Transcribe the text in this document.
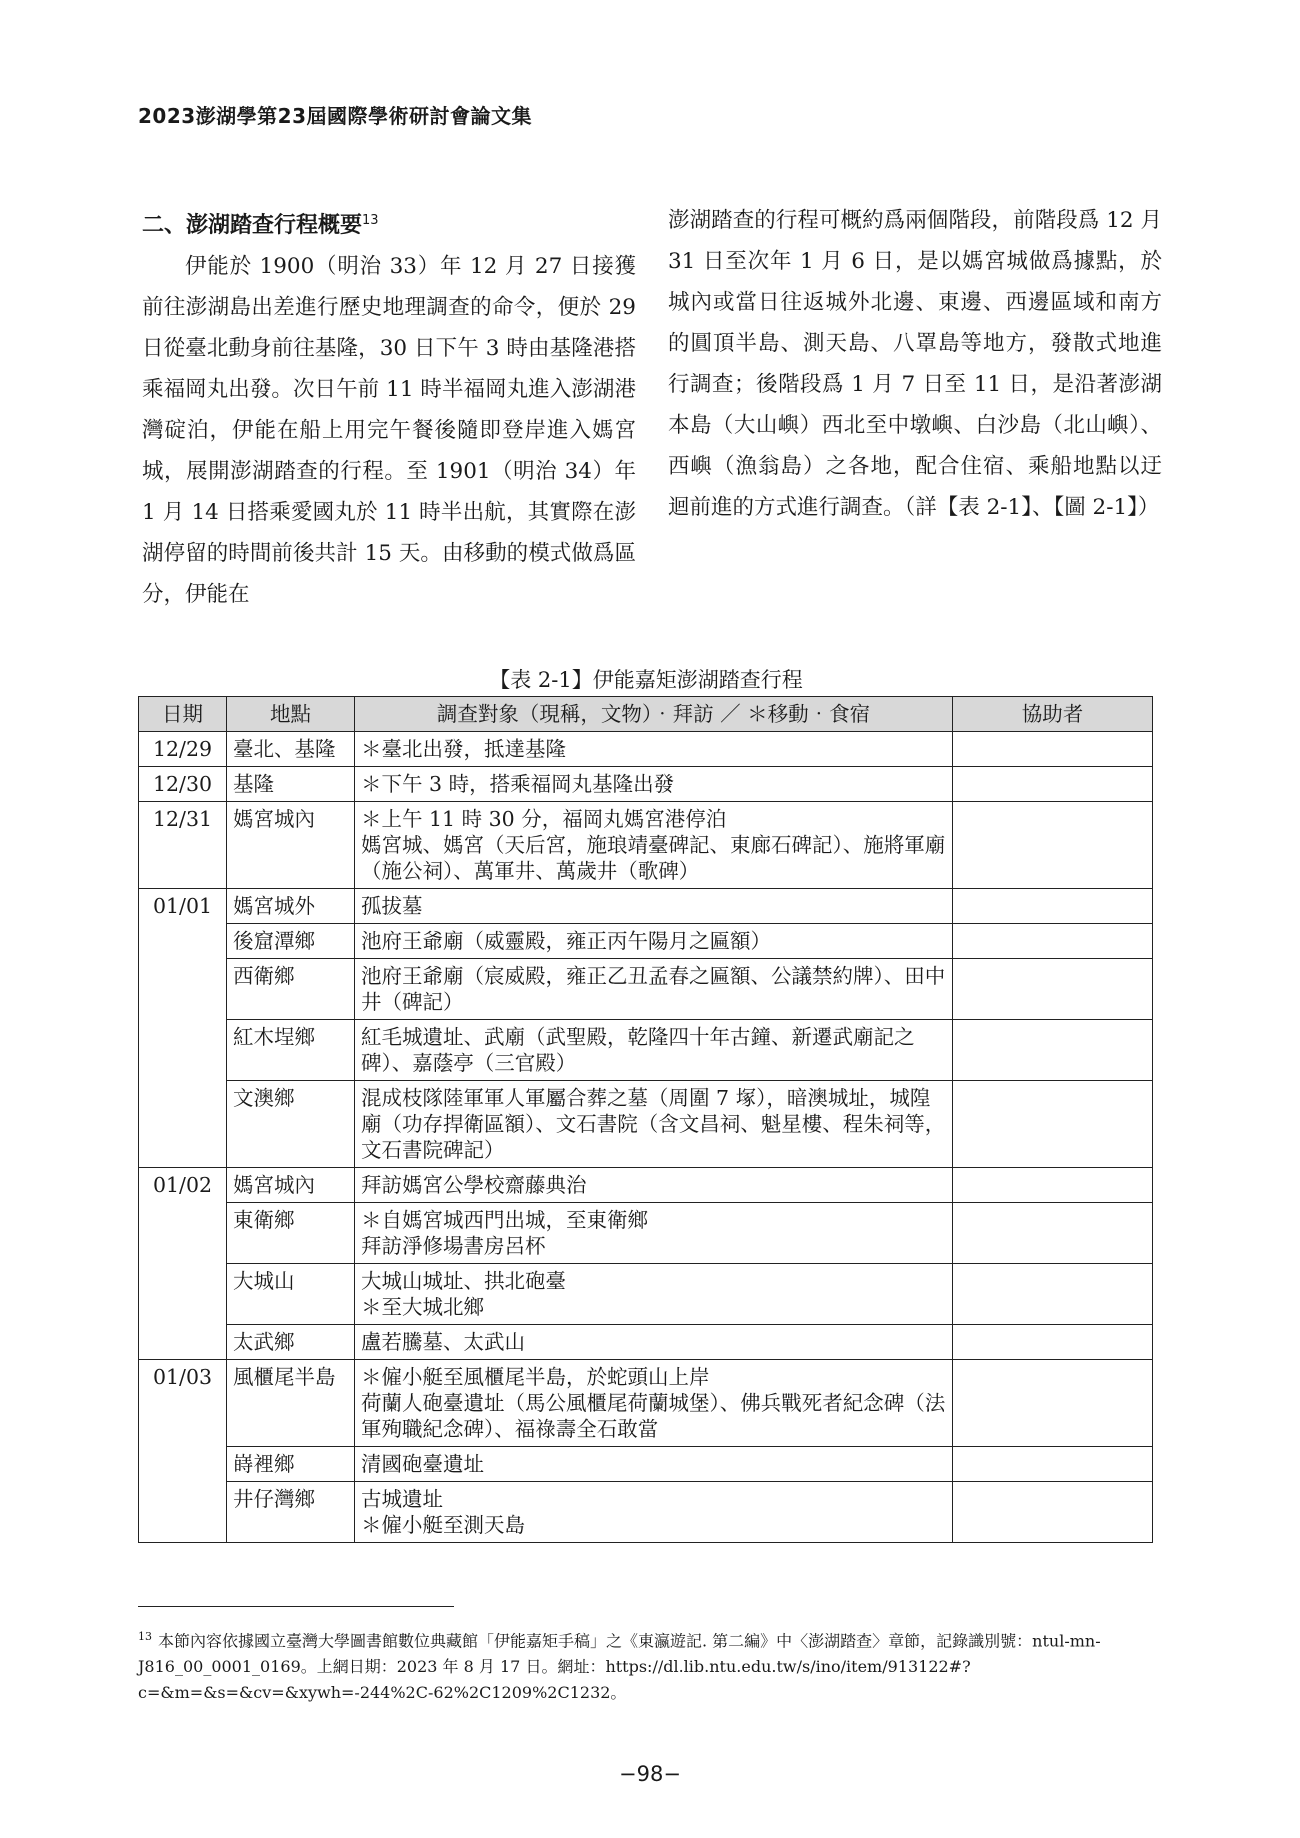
2023澎湖學第23屆國際學術研討會論文集
二、澎湖踏查行程概要$^{13}$

伊能於 1900（明治 33）年 12 月 27 日接獲前往澎湖島出差進行歷史地理調查的命令，便於 29 日從臺北動身前往基隆，30 日下午 3 時由基隆港搭乘福岡丸出發。次日午前 11 時半福岡丸進入澎湖港灣碇泊，伊能在船上用完午餐後隨即登岸進入媽宮城，展開澎湖踏查的行程。至 1901（明治 34）年 1 月 14 日搭乘愛國丸於 11 時半出航，其實際在澎湖停留的時間前後共計 15 天。由移動的模式做爲區分，伊能在

澎湖踏查的行程可概約爲兩個階段，前階段爲 12 月 31 日至次年 1 月 6 日，是以媽宮城做爲據點，於城內或當日往返城外北邊、東邊、西邊區域和南方的圓頂半島、測天島、八罩島等地方，發散式地進行調查；後階段爲 1 月 7 日至 11 日，是沿著澎湖本島（大山嶼）西北至中墩嶼、白沙島（北山嶼）、西嶼（漁翁島）之各地，配合住宿、乘船地點以迂迴前進的方式進行調查。（詳【表 2-1】、【圖 2-1】）

【表 2-1】伊能嘉矩澎湖踏查行程
日期	地點	調查對象（現稱，文物）‧拜訪 ／ ＊移動‧食宿	協助者
12/29	臺北、基隆	＊臺北出發，抵達基隆	

12/30	基隆	＊下午 3 時，搭乘福岡丸基隆出發	

12/31	媽宮城內	＊上午 11 時 30 分，福岡丸媽宮港停泊
媽宮城、媽宮（天后宮，施琅靖臺碑記、東廊石碑記）、施將軍廟（施公祠）、萬軍井、萬歲井（歌碑）	

01/01	媽宮城外	孤拔墓	

	後窟潭鄉	池府王爺廟（威靈殿，雍正丙午陽月之匾額）	

	西衛鄉	池府王爺廟（宸威殿，雍正乙丑孟春之匾額、公議禁約牌）、田中井（碑記）	

	紅木埕鄉	紅毛城遺址、武廟（武聖殿，乾隆四十年古鐘、新遷武廟記之碑）、嘉蔭亭（三官殿）	

	文澳鄉	混成枝隊陸軍軍人軍屬合葬之墓（周圍 7 塚），暗澳城址，城隍廟（功存捍衛區額）、文石書院（含文昌祠、魁星樓、程朱祠等，文石書院碑記）	

01/02	媽宮城內	拜訪媽宮公學校齋藤典治	

	東衛鄉	＊自媽宮城西門出城，至東衛鄉
拜訪淨修場書房呂杯	

	大城山	大城山城址、拱北砲臺
＊至大城北鄉	

	太武鄉	盧若騰墓、太武山	

01/03	風櫃尾半島	＊僱小艇至風櫃尾半島，於蛇頭山上岸
荷蘭人砲臺遺址（馬公風櫃尾荷蘭城堡）、佛兵戰死者紀念碑（法軍殉職紀念碑）、福祿壽全石敢當	

	嵵裡鄉	清國砲臺遺址	

	井仔灣鄉	古城遺址
＊僱小艇至測天島	

$^{13}$ 本節內容依據國立臺灣大學圖書館數位典藏館「伊能嘉矩手稿」之《東瀛遊記. 第二編》中〈澎湖踏查〉章節，記錄識別號：ntul-mn-J816_00_0001_0169。上網日期：2023 年 8 月 17 日。網址：https://dl.lib.ntu.edu.tw/s/ino/item/913122#?c=&m=&s=&cv=&xywh=-244%2C-62%2C1209%2C1232。
−98−
